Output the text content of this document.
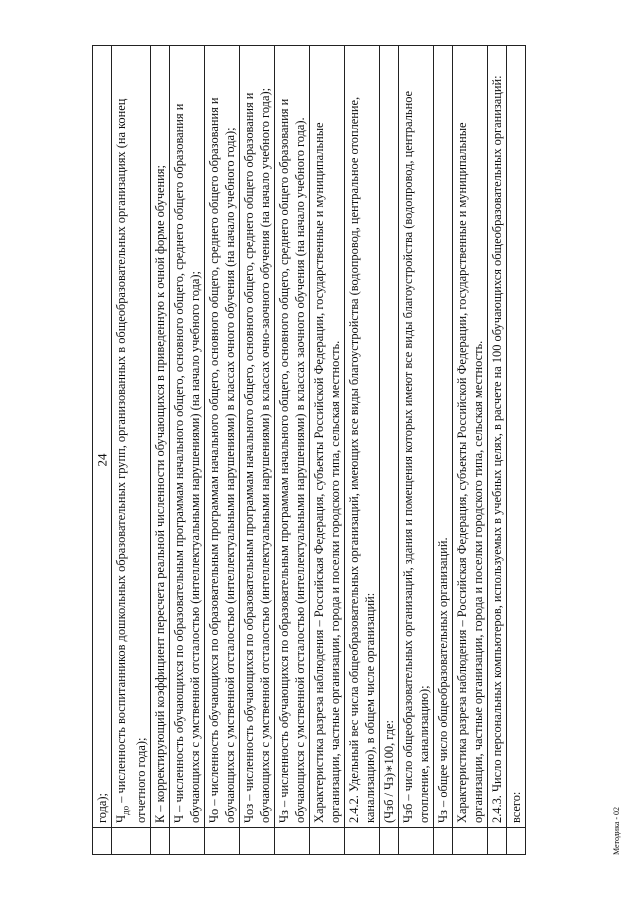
24
	года);
	$Ч_{до}$ – численность воспитанников дошкольных образовательных групп, организованных в общеобразовательных организациях (на конец отчетного года);
	К – корректирующий коэффициент пересчета реальной численности обучающихся в приведенную к очной форме обучения;
	Ч – численность обучающихся по образовательным программам начального общего, основного общего, среднего общего образования и обучающихся с умственной отсталостью (интеллектуальными нарушениями) (на начало учебного года);
	Чо – численность обучающихся по образовательным программам начального общего, основного общего, среднего общего образования и обучающихся с умственной отсталостью (интеллектуальными нарушениями) в классах очного обучения (на начало учебного года);
	Чоз – численность обучающихся по образовательным программам начального общего, основного общего, среднего общего образования и обучающихся с умственной отсталостью (интеллектуальными нарушениями) в классах очно-заочного обучения (на начало учебного года);
	Чз – численность обучающихся по образовательным программам начального общего, основного общего, среднего общего образования и обучающихся с умственной отсталостью (интеллектуальными нарушениями) в классах заочного обучения (на начало учебного года).
	Характеристика разреза наблюдения – Российская Федерация, субъекты Российской Федерации, государственные и муниципальные организации, частные организации, города и поселки городского типа, сельская местность.
	2.4.2. Удельный вес числа общеобразовательных организаций, имеющих все виды благоустройства (водопровод, центральное отопление, канализацию), в общем числе организаций:
	(Чзб / Чз)∗100, где:
	Чзб – число общеобразовательных организаций, здания и помещения которых имеют все виды благоустройства (водопровод, центральное отопление, канализацию);
	Чз – общее число общеобразовательных организаций.
	Характеристика разреза наблюдения – Российская Федерация, субъекты Российской Федерации, государственные и муниципальные организации, частные организации, города и поселки городского типа, сельская местность.
	2.4.3. Число персональных компьютеров, используемых в учебных целях, в расчете на 100 обучающихся общеобразовательных организаций:
	всего:	Методика - 02
